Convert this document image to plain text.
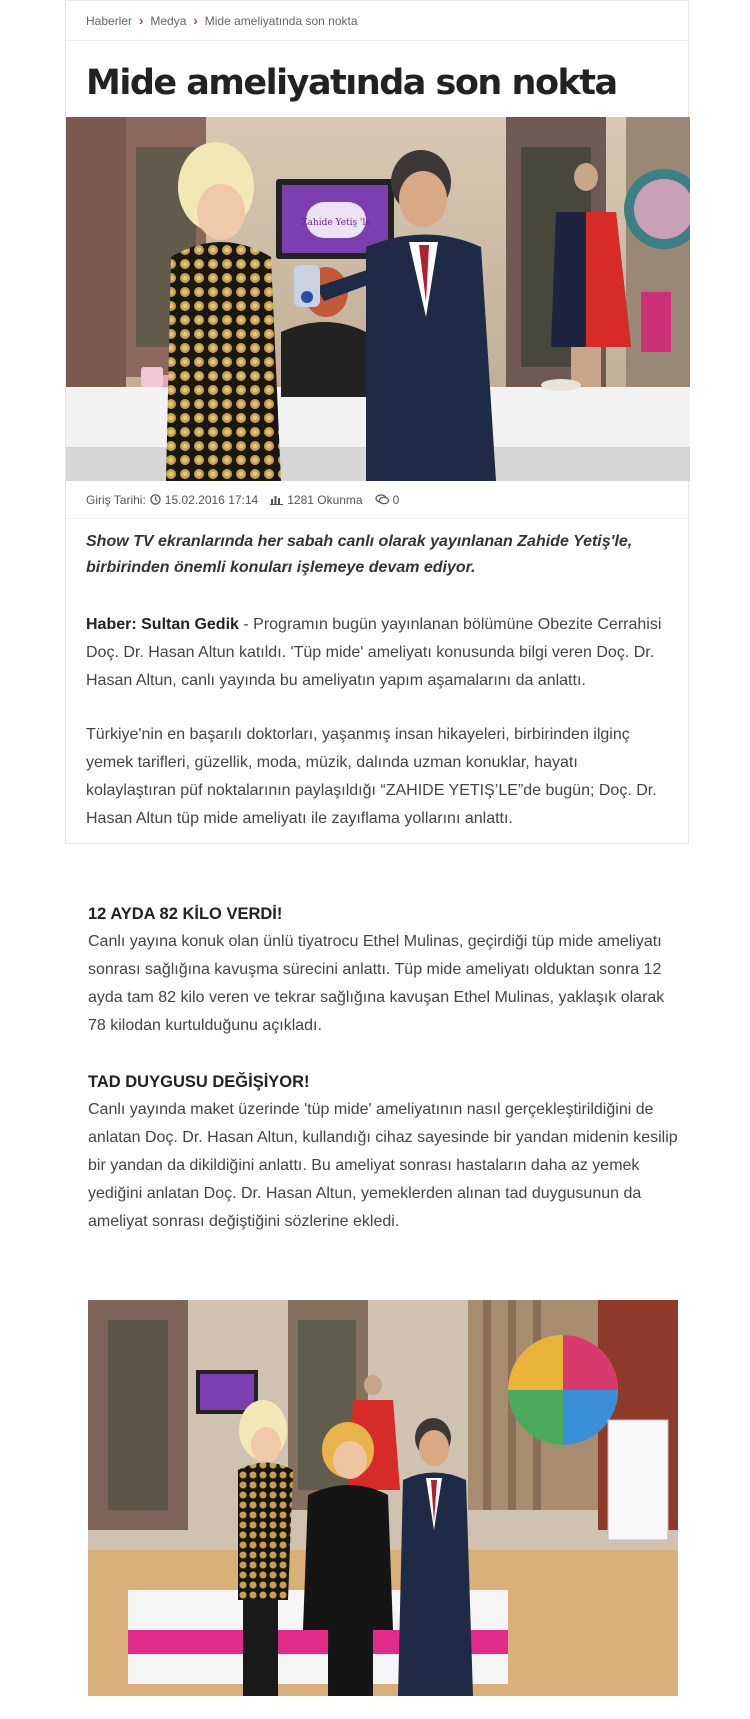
Haberler › Medya › Mide ameliyatında son nokta
Mide ameliyatında son nokta
Zahide Yetiş 'le
Giriş Tarihi: 15.02.2016 17:14 1281 Okunma	0

Show TV ekranlarında her sabah canlı olarak yayınlanan Zahide Yetiş'le, birbirinden önemli konuları işlemeye devam ediyor.

Haber: Sultan Gedik - Programın bugün yayınlanan bölümüne Obezite Cerrahisi Doç. Dr. Hasan Altun katıldı. 'Tüp mide' ameliyatı konusunda bilgi veren Doç. Dr. Hasan Altun, canlı yayında bu ameliyatın yapım aşamalarını da anlattı.

Türkiye'nin en başarılı doktorları, yaşanmış insan hikayeleri, birbirinden ilginç yemek tarifleri, güzellik, moda, müzik, dalında uzman konuklar, hayatı kolaylaştıran püf noktalarının paylaşıldığı “ZAHIDE YETIŞ’LE”de bugün; Doç. Dr. Hasan Altun tüp mide ameliyatı ile zayıflama yollarını anlattı.

12 AYDA 82 KİLO VERDİ!

Canlı yayına konuk olan ünlü tiyatrocu Ethel Mulinas, geçirdiği tüp mide ameliyatı sonrası sağlığına kavuşma sürecini anlattı. Tüp mide ameliyatı olduktan sonra 12 ayda tam 82 kilo veren ve tekrar sağlığına kavuşan Ethel Mulinas, yaklaşık olarak 78 kilodan kurtulduğunu açıkladı.

TAD DUYGUSU DEĞİŞİYOR!

Canlı yayında maket üzerinde 'tüp mide' ameliyatının nasıl gerçekleştirildiğini de anlatan Doç. Dr. Hasan Altun, kullandığı cihaz sayesinde bir yandan midenin kesilip bir yandan da dikildiğini anlattı. Bu ameliyat sonrası hastaların daha az yemek yediğini anlatan Doç. Dr. Hasan Altun, yemeklerden alınan tad duygusunun da ameliyat sonrası değiştiğini sözlerine ekledi.
